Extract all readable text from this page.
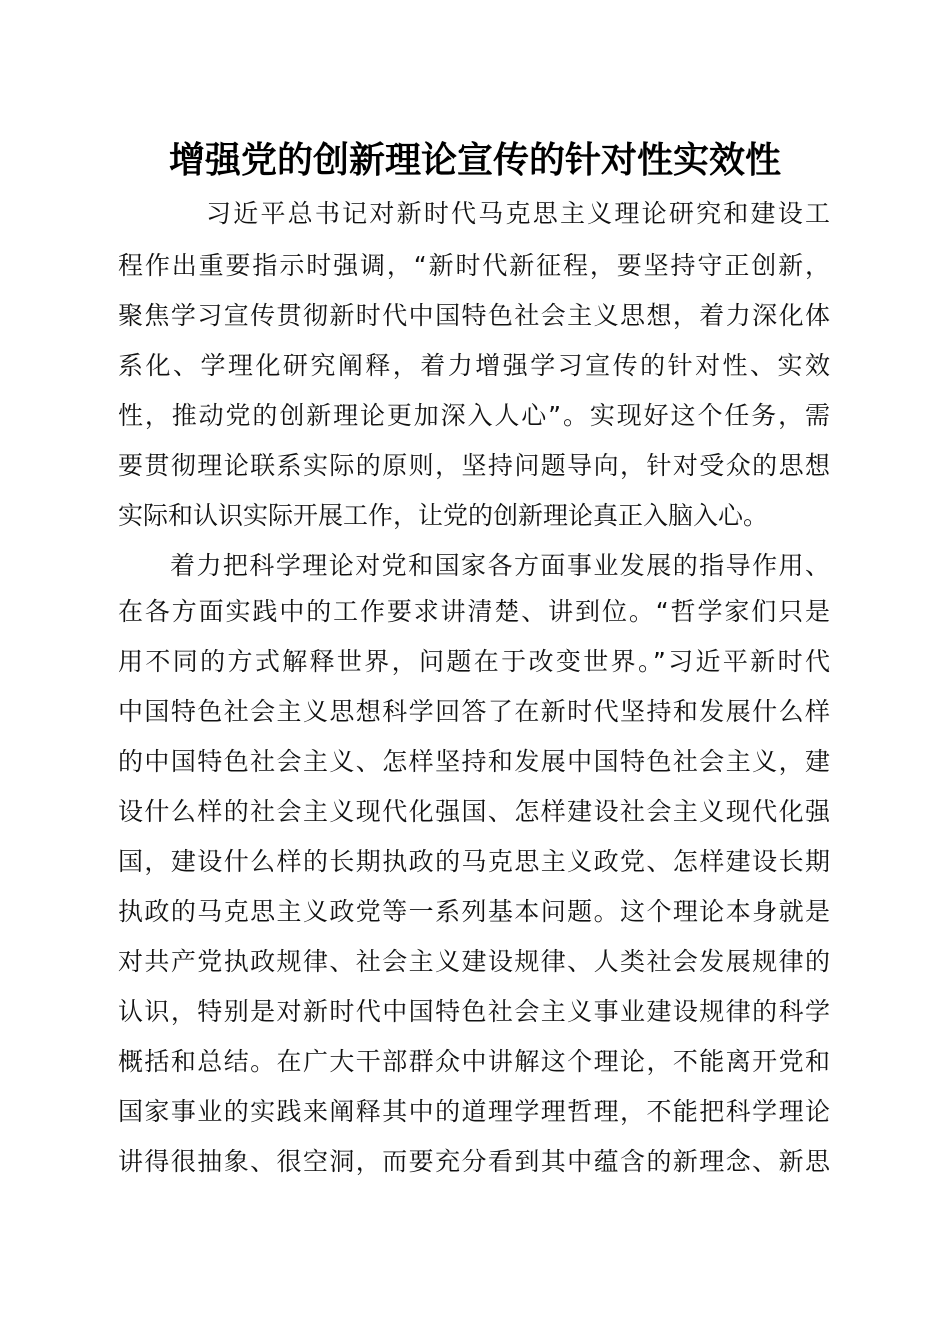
增强党的创新理论宣传的针对性实效性
习近平总书记对新时代马克思主义理论研究和建设工
程作出重要指示时强调，“新时代新征程，要坚持守正创新，
聚焦学习宣传贯彻新时代中国特色社会主义思想，着力深化体
系化、学理化研究阐释，着力增强学习宣传的针对性、实效
性，推动党的创新理论更加深入人心”。实现好这个任务，需
要贯彻理论联系实际的原则，坚持问题导向，针对受众的思想
实际和认识实际开展工作，让党的创新理论真正入脑入心。
着力把科学理论对党和国家各方面事业发展的指导作用、
在各方面实践中的工作要求讲清楚、讲到位。“哲学家们只是
用不同的方式解释世界，问题在于改变世界。”习近平新时代
中国特色社会主义思想科学回答了在新时代坚持和发展什么样
的中国特色社会主义、怎样坚持和发展中国特色社会主义，建
设什么样的社会主义现代化强国、怎样建设社会主义现代化强
国，建设什么样的长期执政的马克思主义政党、怎样建设长期
执政的马克思主义政党等一系列基本问题。这个理论本身就是
对共产党执政规律、社会主义建设规律、人类社会发展规律的
认识，特别是对新时代中国特色社会主义事业建设规律的科学
概括和总结。在广大干部群众中讲解这个理论，不能离开党和
国家事业的实践来阐释其中的道理学理哲理，不能把科学理论
讲得很抽象、很空洞，而要充分看到其中蕴含的新理念、新思
